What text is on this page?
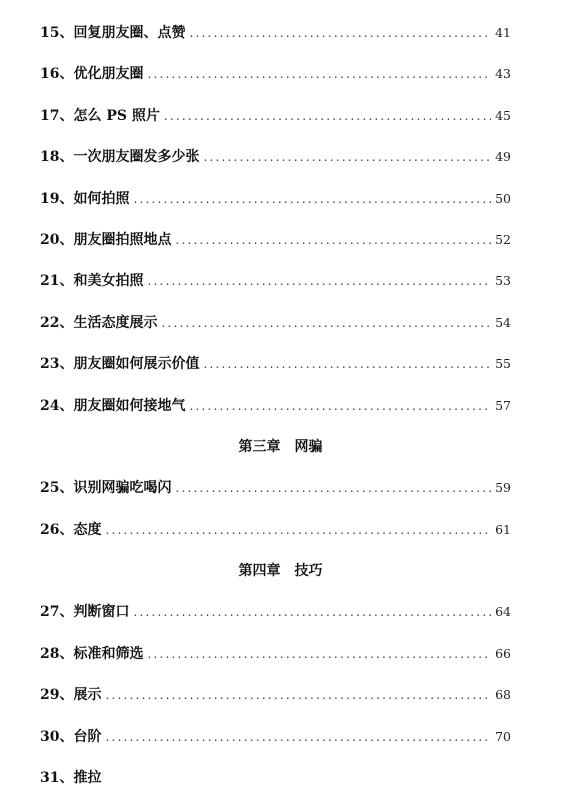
15、回复朋友圈、点赞 .....	41
16、优化朋友圈 .....	43
17、怎么 PS 照片 .....	45
18、一次朋友圈发多少张 .....	49
19、如何拍照 .....	50
20、朋友圈拍照地点 .....	52
21、和美女拍照 .....	53
22、生活态度展示 .....	54
23、朋友圈如何展示价值 .....	55
24、朋友圈如何接地气 .....	57
第三章　网骗
25、识别网骗吃喝闪 .....	59
26、态度 .....	61
第四章　技巧
27、判断窗口 .....	64
28、标准和筛选 .....	66
29、展示 .....	68
30、台阶 .....	70
31、推拉
